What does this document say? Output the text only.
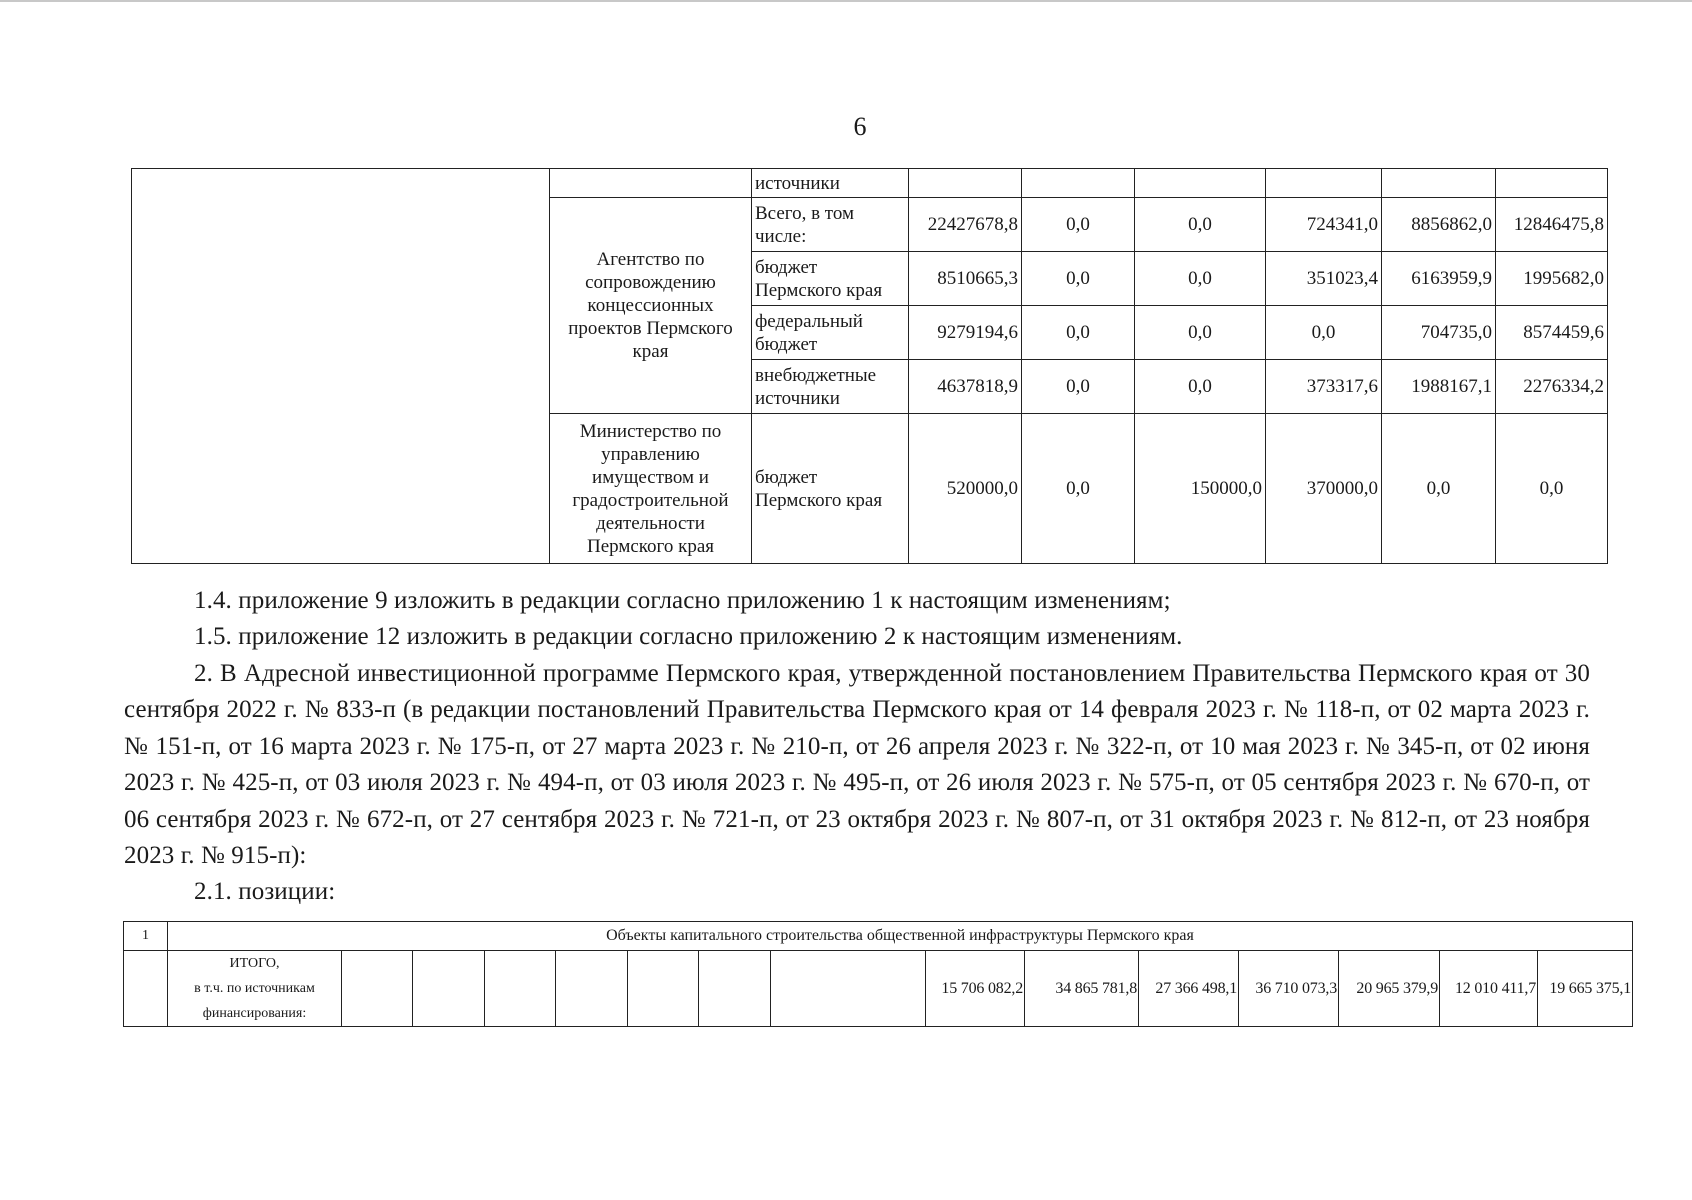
6
		источники						
	Агентство по сопровождению концессионных проектов Пермского края	Всего, в том числе:	22427678,8	0,0	0,0	724341,0	8856862,0	12846475,8
		бюджет Пермского края	8510665,3	0,0	0,0	351023,4	6163959,9	1995682,0
		федеральный бюджет	9279194,6	0,0	0,0	0,0	704735,0	8574459,6
		внебюджетные источники	4637818,9	0,0	0,0	373317,6	1988167,1	2276334,2
	Министерство по управлению имуществом и градостроительной деятельности Пермского края	бюджет Пермского края	520000,0	0,0	150000,0	370000,0	0,0	0,0
1.4. приложение 9 изложить в редакции согласно приложению 1 к настоящим изменениям;
1.5. приложение 12 изложить в редакции согласно приложению 2 к настоящим изменениям.
2. В Адресной инвестиционной программе Пермского края, утвержденной постановлением Правительства Пермского края от 30 сентября 2022 г. № 833-п (в редакции постановлений Правительства Пермского края от 14 февраля 2023 г. № 118-п, от 02 марта 2023 г. № 151-п, от 16 марта 2023 г. № 175-п, от 27 марта 2023 г. № 210-п, от 26 апреля 2023 г. № 322-п, от 10 мая 2023 г. № 345-п, от 02 июня 2023 г. № 425-п, от 03 июля 2023 г. № 494-п, от 03 июля 2023 г. № 495-п, от 26 июля 2023 г. № 575-п, от 05 сентября 2023 г. № 670-п, от 06 сентября 2023 г. № 672-п, от 27 сентября 2023 г. № 721-п, от 23 октября 2023 г. № 807-п, от 31 октября 2023 г. № 812-п, от 23 ноября 2023 г. № 915-п):
2.1. позиции:
1	Объекты капитального строительства общественной инфраструктуры Пермского края														

	ИТОГО,
в т.ч. по источникам
финансирования:								15 706 082,2	34 865 781,8	27 366 498,1	36 710 073,3	20 965 379,9	12 010 411,7	19 665 375,1
